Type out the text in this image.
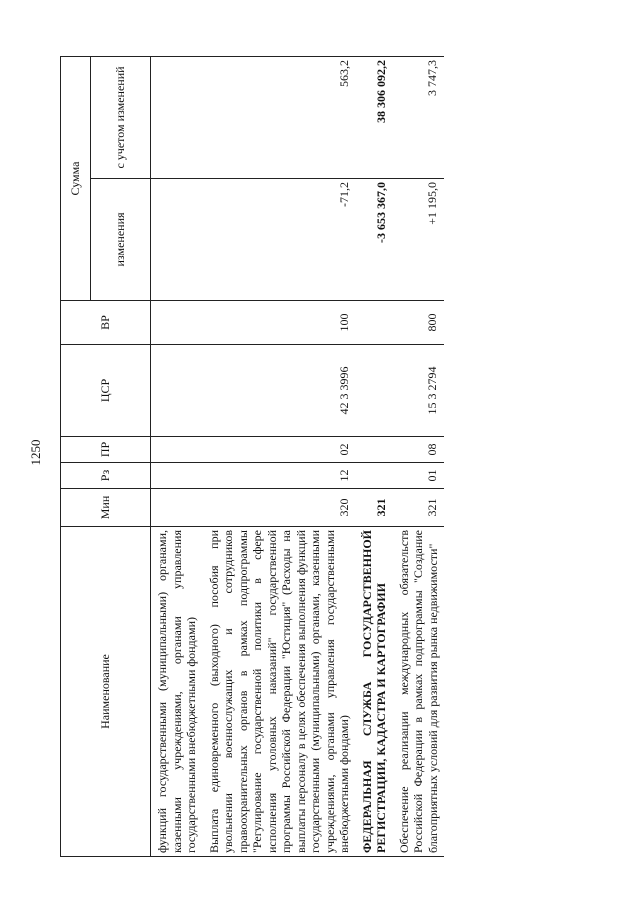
1250
Наименование	Мин	Рз	ПР	ЦСР	ВР	Сумма	
						изменения	с учетом изменений
функций государственными (муниципальными) органами, казенными учреждениями, органами управления государственными внебюджетными фондами)							
Выплата единовременного (выходного) пособия при увольнении военнослужащих и сотрудников правоохранительных органов в рамках подпрограммы "Регулирование государственной политики в сфере исполнения уголовных наказаний" государственной программы Российской Федерации "Юстиция" (Расходы на выплаты персоналу в целях обеспечения выполнения функций государственными (муниципальными) органами, казенными учреждениями, органами управления государственными внебюджетными фондами)	320	12	02	42 3 3996	100	-71,2	563,2
ФЕДЕРАЛЬНАЯ СЛУЖБА ГОСУДАРСТВЕННОЙ РЕГИСТРАЦИИ, КАДАСТРА И КАРТОГРАФИИ	321					-3 653 367,0	38 306 092,2
Обеспечение реализации международных обязательств Российской Федерации в рамках подпрограммы "Создание благоприятных условий для развития рынка недвижимости"	321	01	08	15 3 2794	800	+1 195,0	3 747,3
